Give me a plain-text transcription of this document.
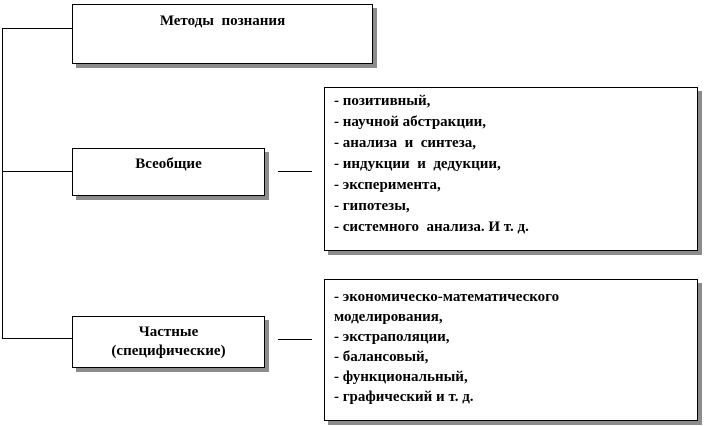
Методы  познания
Всеобщие
Частные
(специфические)
- позитивный,
- научной абстракции,
- анализа  и  синтеза,
- индукции  и  дедукции,
- эксперимента,
- гипотезы,
- системного  анализа. И т. д.
- экономическо-математического
моделирования,
- экстраполяции,
- балансовый,
- функциональный,
- графический и т. д.
